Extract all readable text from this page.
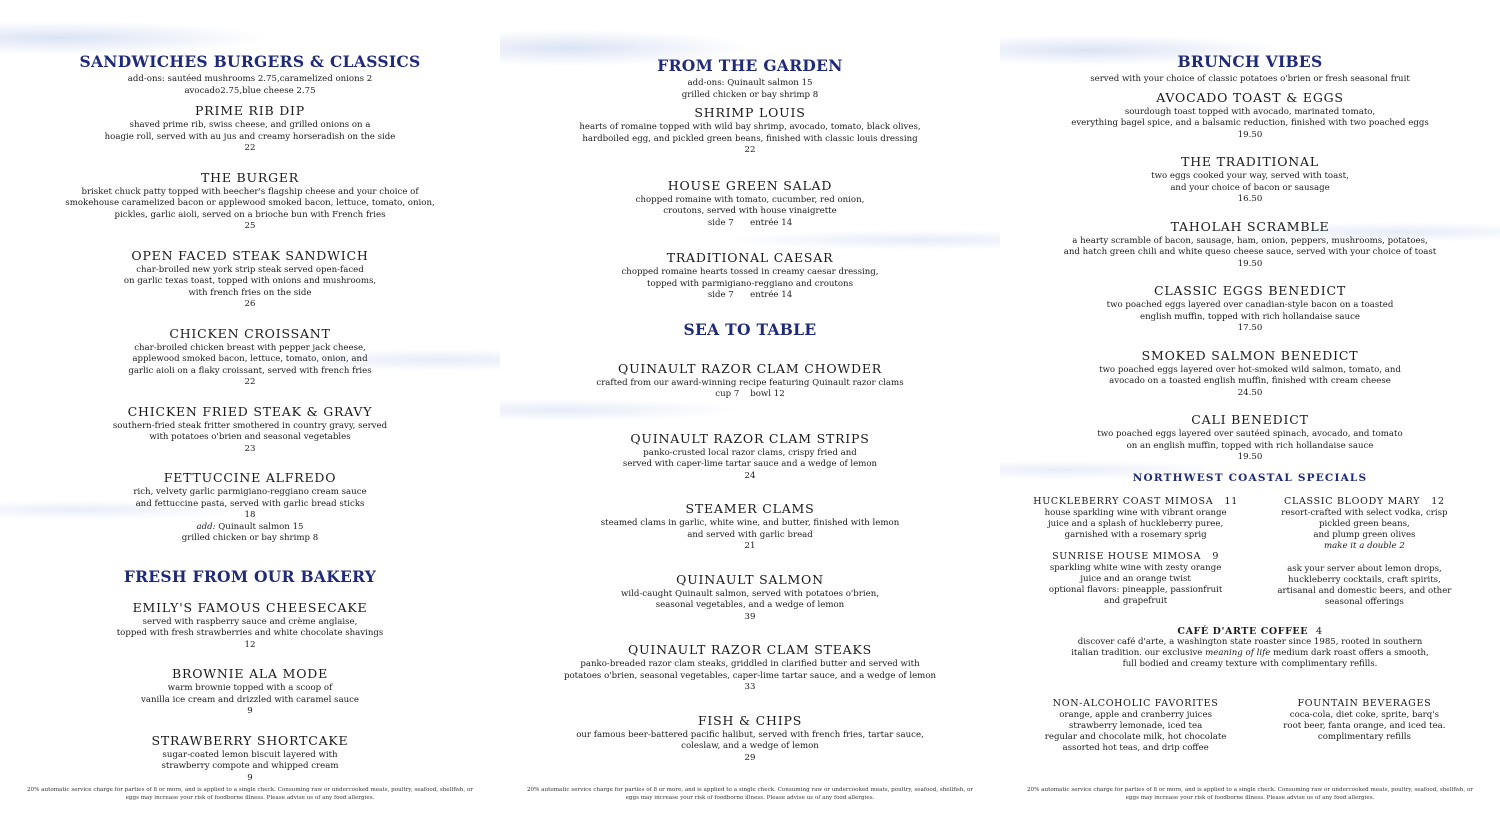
SANDWICHES BURGERS & CLASSICS
add-ons: sautéed mushrooms 2.75,caramelized onions 2
avocado2.75,blue cheese 2.75
PRIME RIB DIP
shaved prime rib, swiss cheese, and grilled onions on a
hoagie roll, served with au jus and creamy horseradish on the side
22
THE BURGER
brisket chuck patty topped with beecher's flagship cheese and your choice of
smokehouse caramelized bacon or applewood smoked bacon, lettuce, tomato, onion,
pickles, garlic aioli, served on a brioche bun with French fries
25
OPEN FACED STEAK SANDWICH
char-broiled new york strip steak served open-faced
on garlic texas toast, topped with onions and mushrooms,
with french fries on the side
26
CHICKEN CROISSANT
char-broiled chicken breast with pepper jack cheese,
applewood smoked bacon, lettuce, tomato, onion, and
garlic aioli on a flaky croissant, served with french fries
22
CHICKEN FRIED STEAK & GRAVY
southern-fried steak fritter smothered in country gravy, served
with potatoes o'brien and seasonal vegetables
23
FETTUCCINE ALFREDO
rich, velvety garlic parmigiano-reggiano cream sauce
and fettuccine pasta, served with garlic bread sticks
18
add: Quinault salmon 15
grilled chicken or bay shrimp 8
FRESH FROM OUR BAKERY
EMILY'S FAMOUS CHEESECAKE
served with raspberry sauce and crème anglaise,
topped with fresh strawberries and white chocolate shavings
12
BROWNIE ALA MODE
warm brownie topped with a scoop of
vanilla ice cream and drizzled with caramel sauce
9
STRAWBERRY SHORTCAKE
sugar-coated lemon biscuit layered with
strawberry compote and whipped cream
9
20% automatic service charge for parties of 8 or more, and is applied to a single check. Consuming raw or undercooked meats, poultry, seafood, shellfish, or eggs may increase your risk of foodborne illness. Please advise us of any food allergies.
FROM THE GARDEN
add-ons: Quinault salmon 15
grilled chicken or bay shrimp 8
SHRIMP LOUIS
hearts of romaine topped with wild bay shrimp, avocado, tomato, black olives,
hardboiled egg, and pickled green beans, finished with classic louis dressing
22
HOUSE GREEN SALAD
chopped romaine with tomato, cucumber, red onion,
croutons, served with house vinaigrette
side 7      entrée 14
TRADITIONAL CAESAR
chopped romaine hearts tossed in creamy caesar dressing,
topped with parmigiano-reggiano and croutons
side 7      entrée 14
SEA TO TABLE
QUINAULT RAZOR CLAM CHOWDER
crafted from our award-winning recipe featuring Quinault razor clams
cup 7    bowl 12
QUINAULT RAZOR CLAM STRIPS
panko-crusted local razor clams, crispy fried and
served with caper-lime tartar sauce and a wedge of lemon
24
STEAMER CLAMS
steamed clams in garlic, white wine, and butter, finished with lemon
and served with garlic bread
21
QUINAULT SALMON
wild-caught Quinault salmon, served with potatoes o'brien,
seasonal vegetables, and a wedge of lemon
39
QUINAULT RAZOR CLAM STEAKS
panko-breaded razor clam steaks, griddled in clarified butter and served with
potatoes o'brien, seasonal vegetables, caper-lime tartar sauce, and a wedge of lemon
33
FISH & CHIPS
our famous beer-battered pacific halibut, served with french fries, tartar sauce,
coleslaw, and a wedge of lemon
29
20% automatic service charge for parties of 8 or more, and is applied to a single check. Consuming raw or undercooked meats, poultry, seafood, shellfish, or eggs may increase your risk of foodborne illness. Please advise us of any food allergies.
BRUNCH VIBES
served with your choice of classic potatoes o'brien or fresh seasonal fruit
AVOCADO TOAST & EGGS
sourdough toast topped with avocado, marinated tomato,
everything bagel spice, and a balsamic reduction, finished with two poached eggs
19.50
THE TRADITIONAL
two eggs cooked your way, served with toast,
and your choice of bacon or sausage
16.50
TAHOLAH SCRAMBLE
a hearty scramble of bacon, sausage, ham, onion, peppers, mushrooms, potatoes,
and hatch green chili and white queso cheese sauce, served with your choice of toast
19.50
CLASSIC EGGS BENEDICT
two poached eggs layered over canadian-style bacon on a toasted
english muffin, topped with rich hollandaise sauce
17.50
SMOKED SALMON BENEDICT
two poached eggs layered over hot-smoked wild salmon, tomato, and
avocado on a toasted english muffin, finished with cream cheese
24.50
CALI BENEDICT
two poached eggs layered over sautéed spinach, avocado, and tomato
on an english muffin, topped with rich hollandaise sauce
19.50
NORTHWEST COASTAL SPECIALS
HUCKLEBERRY COAST MIMOSA   11
house sparkling wine with vibrant orange
juice and a splash of huckleberry puree,
garnished with a rosemary sprig
SUNRISE HOUSE MIMOSA   9
sparkling white wine with zesty orange
juice and an orange twist
optional flavors: pineapple, passionfruit
and grapefruit
CLASSIC BLOODY MARY   12
resort-crafted with select vodka, crisp
pickled green beans,
and plump green olives
make it a double 2
ask your server about lemon drops,
huckleberry cocktails, craft spirits,
artisanal and domestic beers, and other
seasonal offerings
CAFÉ D'ARTE COFFEE 4
discover café d'arte, a washington state roaster since 1985, rooted in southern
italian tradition. our exclusive meaning of life medium dark roast offers a smooth,
full bodied and creamy texture with complimentary refills.
NON-ALCOHOLIC FAVORITES
orange, apple and cranberry juices
strawberry lemonade, iced tea
regular and chocolate milk, hot chocolate
assorted hot teas, and drip coffee
FOUNTAIN BEVERAGES
coca-cola, diet coke, sprite, barq's
root beer, fanta orange, and iced tea.
complimentary refills
20% automatic service charge for parties of 8 or more, and is applied to a single check. Consuming raw or undercooked meats, poultry, seafood, shellfish, or eggs may increase your risk of foodborne illness. Please advise us of any food allergies.
